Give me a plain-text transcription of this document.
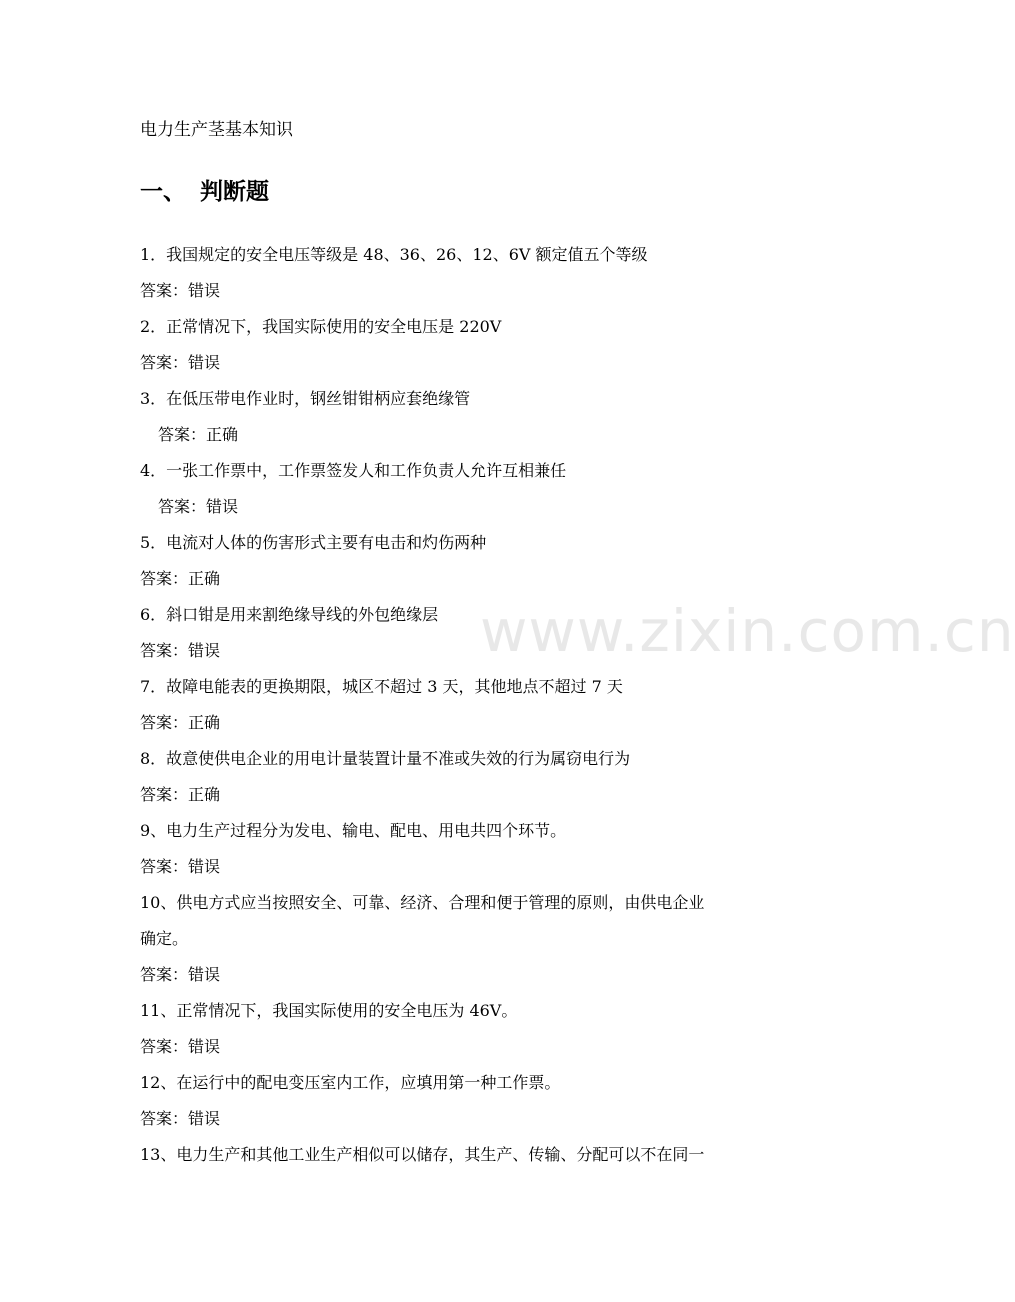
www.zixin.com.cn
电力生产茎基本知识
一、 判断题
1．我国规定的安全电压等级是 48、36、26、12、6V 额定值五个等级
答案：错误
2．正常情况下，我国实际使用的安全电压是 220V
答案：错误
3．在低压带电作业时，钢丝钳钳柄应套绝缘管
答案：正确
4．一张工作票中，工作票签发人和工作负责人允许互相兼任
答案：错误
5．电流对人体的伤害形式主要有电击和灼伤两种
答案：正确
6．斜口钳是用来割绝缘导线的外包绝缘层
答案：错误
7．故障电能表的更换期限，城区不超过 3 天，其他地点不超过 7 天
答案：正确
8．故意使供电企业的用电计量装置计量不准或失效的行为属窃电行为
答案：正确
9、电力生产过程分为发电、输电、配电、用电共四个环节。
答案：错误
10、供电方式应当按照安全、可靠、经济、合理和便于管理的原则，由供电企业
确定。
答案：错误
11、正常情况下，我国实际使用的安全电压为 46V。
答案：错误
12、在运行中的配电变压室内工作，应填用第一种工作票。
答案：错误
13、电力生产和其他工业生产相似可以储存，其生产、传输、分配可以不在同一
